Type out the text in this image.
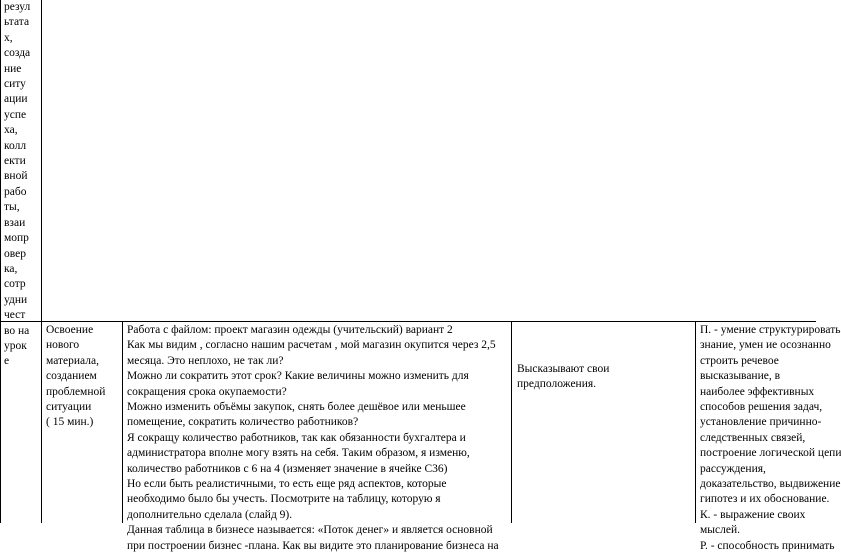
резул
ьтата
х,
созда
ние
ситу
ации
успе
ха,
колл
екти
вной
рабо
ты,
взаи
мопр
овер
ка,
сотр
удни
чест
во на
урок
е
Освоение
нового
материала,
созданием
проблемной
ситуации
( 15 мин.)
Работа с файлом: проект магазин одежды (учительский) вариант 2
Как мы видим , согласно нашим расчетам , мой магазин окупится через 2,5
месяца. Это неплохо, не так ли?
Можно ли сократить этот срок? Какие величины можно изменить для
сокращения срока окупаемости?
Можно изменить объёмы закупок, снять более дешёвое или меньшее
помещение, сократить количество работников?
Я сокращу количество работников, так как обязанности бухгалтера и
администратора вполне могу взять на себя. Таким образом, я изменю,
количество работников с 6 на 4 (изменяет значение в ячейке С36)
Но если быть реалистичными, то есть еще ряд аспектов, которые
необходимо было бы учесть. Посмотрите на таблицу, которую я
дополнительно сделала (слайд 9).
Данная таблица в бизнесе называется: «Поток денег» и является основной
при построении бизнес -плана. Как вы видите это планирование бизнеса на
Высказывают свои
предположения.
П. - умение структурировать
знание, умен ие осознанно
строить речевое
высказывание, в
наиболее эффективных
способов решения задач,
установление причинно-
следственных связей,
построение логической цепи
рассуждения,
доказательство, выдвижение
гипотез и их обоснование.
К. - выражение своих
мыслей.
Р. - способность принимать
